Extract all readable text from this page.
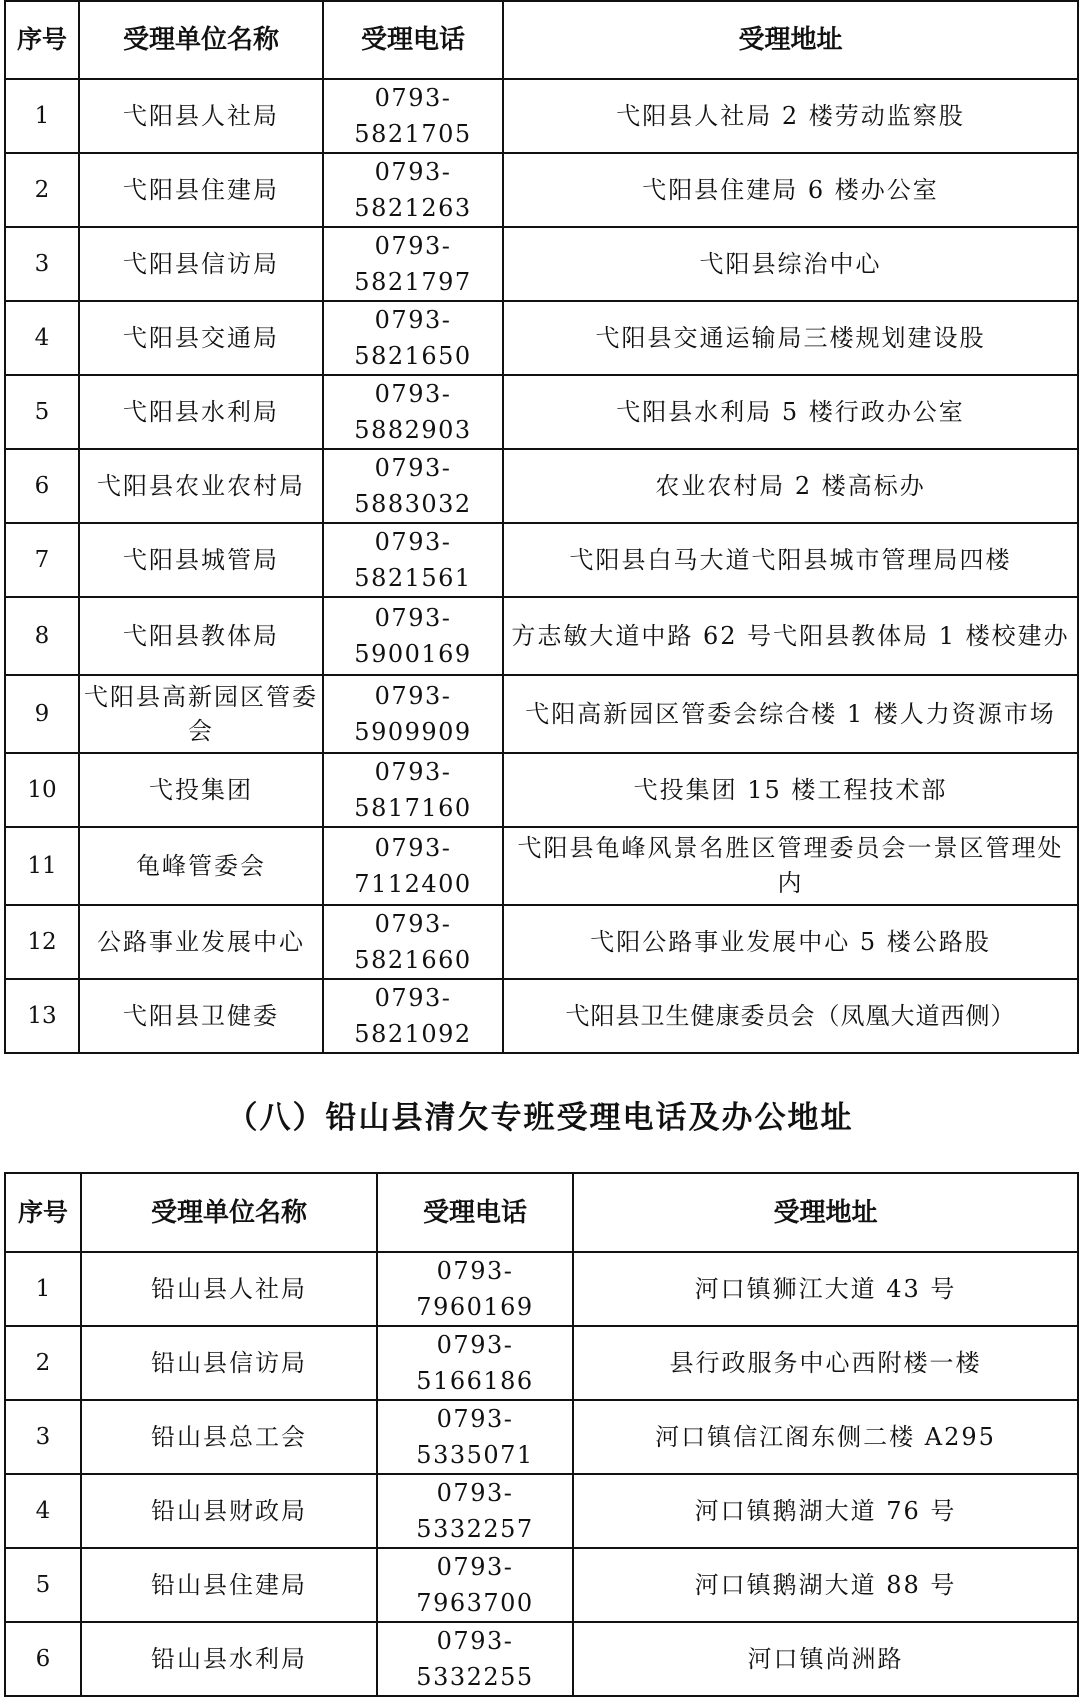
序号	受理单位名称	受理电话	受理地址
1	弋阳县人社局	0793-5821705	弋阳县人社局 2 楼劳动监察股
2	弋阳县住建局	0793-5821263	弋阳县住建局 6 楼办公室
3	弋阳县信访局	0793-5821797	弋阳县综治中心
4	弋阳县交通局	0793-5821650	弋阳县交通运输局三楼规划建设股
5	弋阳县水利局	0793-5882903	弋阳县水利局 5 楼行政办公室
6	弋阳县农业农村局	0793-5883032	农业农村局 2 楼高标办
7	弋阳县城管局	0793-5821561	弋阳县白马大道弋阳县城市管理局四楼
8	弋阳县教体局	0793-5900169	方志敏大道中路 62 号弋阳县教体局 1 楼校建办
9	弋阳县高新园区管委会	0793-5909909	弋阳高新园区管委会综合楼 1 楼人力资源市场
10	弋投集团	0793-5817160	弋投集团 15 楼工程技术部
11	龟峰管委会	0793-7112400	弋阳县龟峰风景名胜区管理委员会一景区管理处内
12	公路事业发展中心	0793-5821660	弋阳公路事业发展中心 5 楼公路股
13	弋阳县卫健委	0793-5821092	弋阳县卫生健康委员会（凤凰大道西侧）
（八）铅山县清欠专班受理电话及办公地址
序号	受理单位名称	受理电话	受理地址
1	铅山县人社局	0793-7960169	河口镇狮江大道 43 号
2	铅山县信访局	0793-5166186	县行政服务中心西附楼一楼
3	铅山县总工会	0793-5335071	河口镇信江阁东侧二楼 A295
4	铅山县财政局	0793-5332257	河口镇鹅湖大道 76 号
5	铅山县住建局	0793-7963700	河口镇鹅湖大道 88 号
6	铅山县水利局	0793-5332255	河口镇尚洲路
